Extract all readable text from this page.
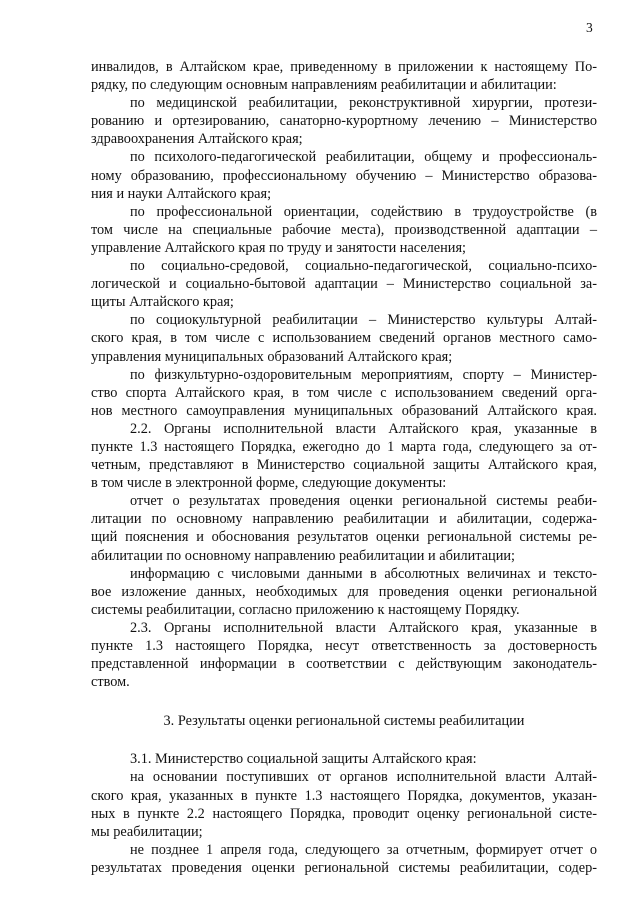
3
инвалидов, в Алтайском крае, приведенному в приложении к настоящему По-
рядку, по следующим основным направлениям реабилитации и абилитации:
по медицинской реабилитации, реконструктивной хирургии, протези-
рованию и ортезированию, санаторно-курортному лечению – Министерство
здравоохранения Алтайского края;
по психолого-педагогической реабилитации, общему и профессиональ-
ному образованию, профессиональному обучению – Министерство образова-
ния и науки Алтайского края;
по профессиональной ориентации, содействию в трудоустройстве (в
том числе на специальные рабочие места), производственной адаптации –
управление Алтайского края по труду и занятости населения;
по социально-средовой, социально-педагогической, социально-психо-
логической и социально-бытовой адаптации – Министерство социальной за-
щиты Алтайского края;
по социокультурной реабилитации – Министерство культуры Алтай-
ского края, в том числе с использованием сведений органов местного само-
управления муниципальных образований Алтайского края;
по физкультурно-оздоровительным мероприятиям, спорту – Министер-
ство спорта Алтайского края, в том числе с использованием сведений орга-
нов местного самоуправления муниципальных образований Алтайского края.
2.2. Органы исполнительной власти Алтайского края, указанные в
пункте 1.3 настоящего Порядка, ежегодно до 1 марта года, следующего за от-
четным, представляют в Министерство социальной защиты Алтайского края,
в том числе в электронной форме, следующие документы:
отчет о результатах проведения оценки региональной системы реаби-
литации по основному направлению реабилитации и абилитации, содержа-
щий пояснения и обоснования результатов оценки региональной системы ре-
абилитации по основному направлению реабилитации и абилитации;
информацию с числовыми данными в абсолютных величинах и тексто-
вое изложение данных, необходимых для проведения оценки региональной
системы реабилитации, согласно приложению к настоящему Порядку.
2.3. Органы исполнительной власти Алтайского края, указанные в
пункте 1.3 настоящего Порядка, несут ответственность за достоверность
представленной информации в соответствии с действующим законодатель-
ством.
3. Результаты оценки региональной системы реабилитации
3.1. Министерство социальной защиты Алтайского края:
на основании поступивших от органов исполнительной власти Алтай-
ского края, указанных в пункте 1.3 настоящего Порядка, документов, указан-
ных в пункте 2.2 настоящего Порядка, проводит оценку региональной систе-
мы реабилитации;
не позднее 1 апреля года, следующего за отчетным, формирует отчет о
результатах проведения оценки региональной системы реабилитации, содер-
